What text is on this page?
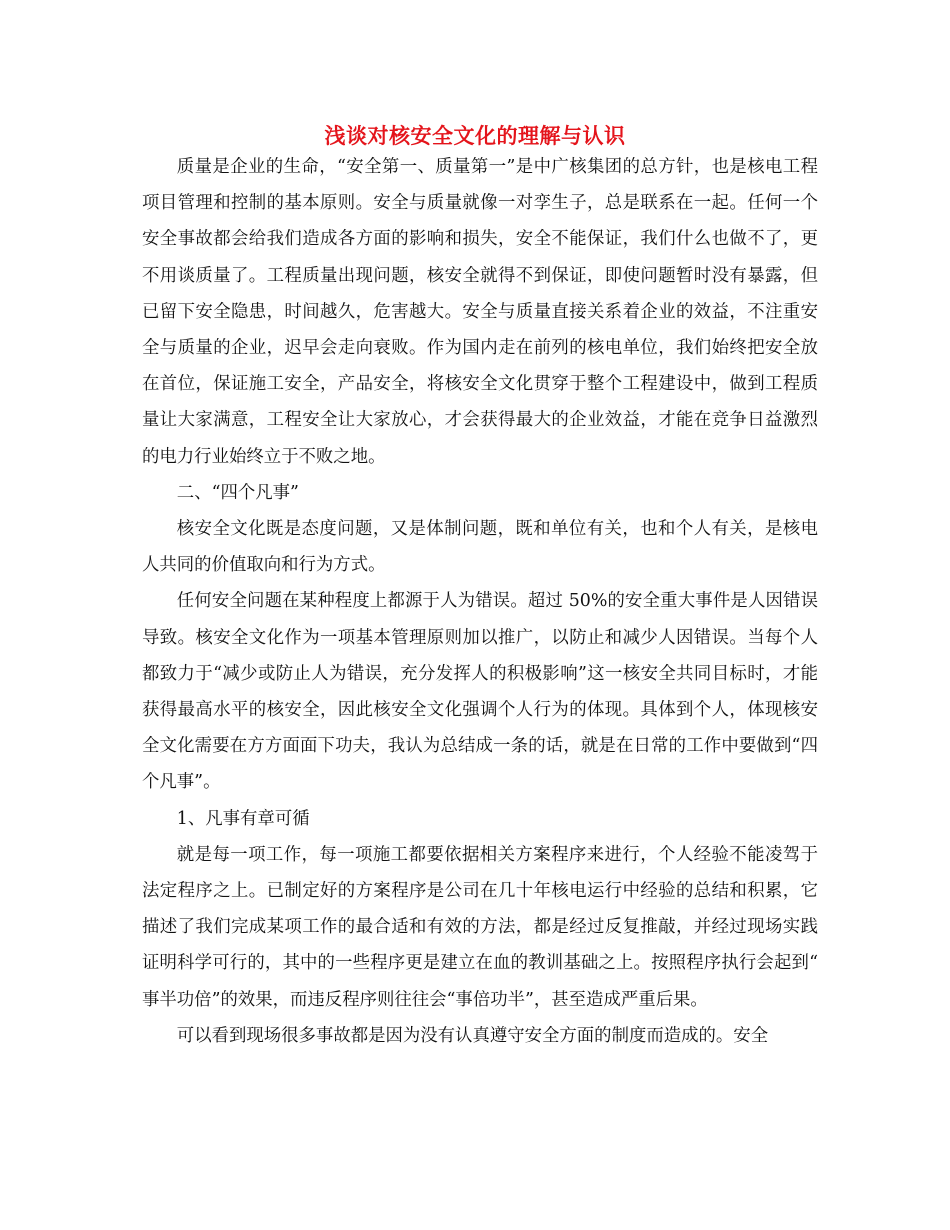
浅谈对核安全文化的理解与认识

质量是企业的生命，“安全第一、质量第一”是中广核集团的总方针，也是核电工程项目管理和控制的基本原则。安全与质量就像一对孪生子，总是联系在一起。任何一个安全事故都会给我们造成各方面的影响和损失，安全不能保证，我们什么也做不了，更不用谈质量了。工程质量出现问题，核安全就得不到保证，即使问题暂时没有暴露，但已留下安全隐患，时间越久，危害越大。安全与质量直接关系着企业的效益，不注重安全与质量的企业，迟早会走向衰败。作为国内走在前列的核电单位，我们始终把安全放在首位，保证施工安全，产品安全，将核安全文化贯穿于整个工程建设中，做到工程质量让大家满意，工程安全让大家放心，才会获得最大的企业效益，才能在竞争日益激烈的电力行业始终立于不败之地。

二、“四个凡事”

核安全文化既是态度问题，又是体制问题，既和单位有关，也和个人有关，是核电人共同的价值取向和行为方式。

任何安全问题在某种程度上都源于人为错误。超过 50%的安全重大事件是人因错误导致。核安全文化作为一项基本管理原则加以推广，以防止和减少人因错误。当每个人都致力于“减少或防止人为错误，充分发挥人的积极影响”这一核安全共同目标时，才能获得最高水平的核安全，因此核安全文化强调个人行为的体现。具体到个人，体现核安全文化需要在方方面面下功夫，我认为总结成一条的话，就是在日常的工作中要做到“四个凡事”。

1、凡事有章可循

就是每一项工作，每一项施工都要依据相关方案程序来进行，个人经验不能凌驾于法定程序之上。已制定好的方案程序是公司在几十年核电运行中经验的总结和积累，它描述了我们完成某项工作的最合适和有效的方法，都是经过反复推敲，并经过现场实践证明科学可行的，其中的一些程序更是建立在血的教训基础之上。按照程序执行会起到“事半功倍”的效果，而违反程序则往往会“事倍功半”，甚至造成严重后果。

可以看到现场很多事故都是因为没有认真遵守安全方面的制度而造成的。安全
